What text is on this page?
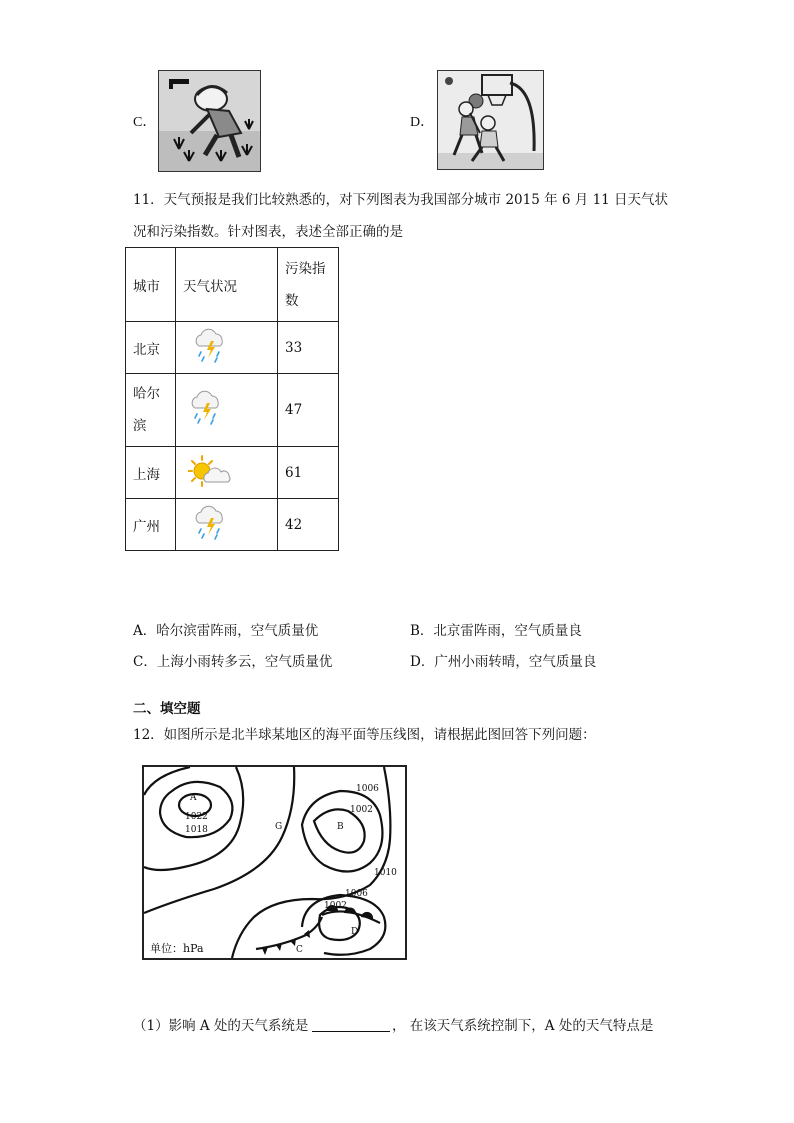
C．	D．
11．天气预报是我们比较熟悉的，对下列图表为我国部分城市 2015 年 6 月 11 日天气状
况和污染指数。针对图表，表述全部正确的是
城市	天气状况	污染指
数

北京		33

哈尔
滨		47
上海		61
广州		42
A．哈尔滨雷阵雨，空气质量优	B．北京雷阵雨，空气质量良
C．上海小雨转多云，空气质量优	D．广州小雨转晴，空气质量良
二、填空题
12．如图所示是北半球某地区的海平面等压线图，请根据此图回答下列问题：
A
1022
1018	G
1006
1002
B
1010
1006
1002
D
C
单位：hPa
（1）影响 A 处的天气系统是	， 在该天气系统控制下，A 处的天气特点是
